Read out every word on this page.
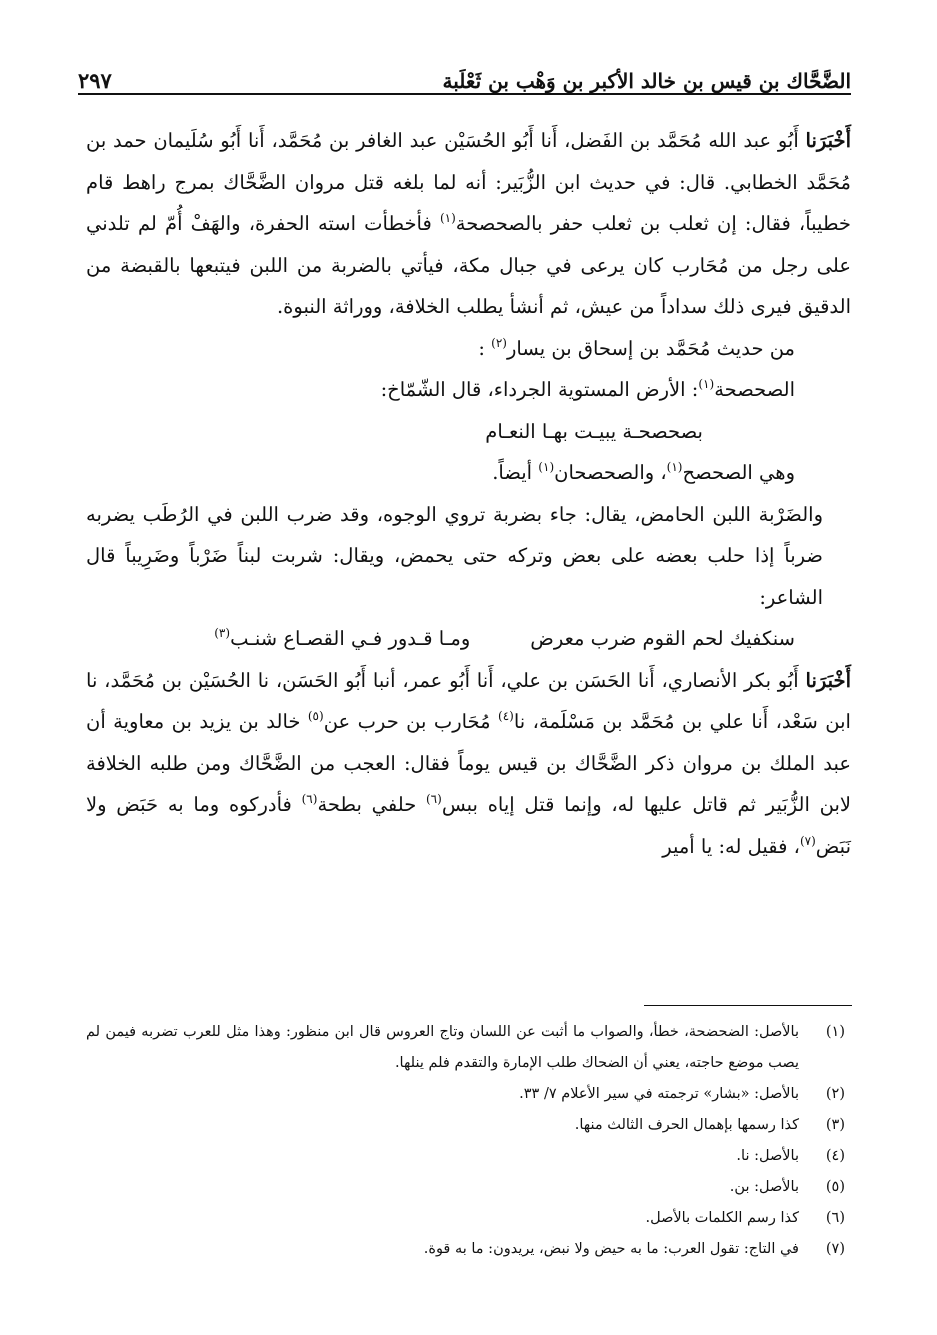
الضَّحَّاك بن قيس بن خالد الأكبر بن وَهْب بن ثَعْلَبة
٢٩٧

أَخْبَرَنا أَبُو عبد الله مُحَمَّد بن الفَضل، أَنا أَبُو الحُسَيْن عبد الغافر بن مُحَمَّد، أَنا أَبُو سُلَيمان حمد بن مُحَمَّد الخطابي. قال: في حديث ابن الزُّبَير: أنه لما بلغه قتل مروان الضَّحَّاك بمرج راهط قام خطيباً، فقال: إن ثعلب بن ثعلب حفر بالصحصحة$^{(١)}$ فأخطأت استه الحفرة، والهَفْ أُمّ لم تلدني على رجل من مُحَارب كان يرعى في جبال مكة، فيأتي بالضربة من اللبن فيتبعها بالقبضة من الدقيق فيرى ذلك سداداً من عيش، ثم أنشأ يطلب الخلافة، ووراثة النبوة.

من حديث مُحَمَّد بن إسحاق بن يسار$^{(٢)}$ :

الصحصحة$^{(١)}$: الأرض المستوية الجرداء، قال الشّمّاخ:

بصحصحـة يبيـت بهـا النعـام

وهي الصحصح$^{(١)}$، والصحصحان$^{(١)}$ أيضاً.

والضَرْبة اللبن الحامض، يقال: جاء بضربة تروي الوجوه، وقد ضرب اللبن في الرُطَب يضربه ضرباً إذا حلب بعضه على بعض وتركه حتى يحمض، ويقال: شربت لبناً ضَرْباً وضَرِيباً قال الشاعر:

سنكفيك لحم القوم ضرب معرض
ومـا قـدور فـي القصـاع شنـب$^{(٣)}$

أَخْبَرَنا أَبُو بكر الأنصاري، أَنا الحَسَن بن علي، أَنا أَبُو عمر، أنبا أَبُو الحَسَن، نا الحُسَيْن بن مُحَمَّد، نا ابن سَعْد، أَنا علي بن مُحَمَّد بن مَسْلَمة، نا$^{(٤)}$ مُحَارب بن حرب عن$^{(٥)}$ خالد بن يزيد بن معاوية أن عبد الملك بن مروان ذكر الضَّحَّاك بن قيس يوماً فقال: العجب من الضَّحَّاك ومن طلبه الخلافة لابن الزُّبَير ثم قاتل عليها له، وإنما قتل إياه ببس$^{(٦)}$ حلفي بطحة$^{(٦)}$ فأدركوه وما به حَبَض ولا نَبَض$^{(٧)}$، فقيل له: يا أمير

(١)
بالأصل: الضحضحة، خطأ، والصواب ما أثبت عن اللسان وتاج العروس قال ابن منظور: وهذا مثل للعرب تضربه فيمن لم يصب موضع حاجته، يعني أن الضحاك طلب الإمارة والتقدم فلم ينلها.
(٢)
بالأصل: «بشار» ترجمته في سير الأعلام ٧/ ٣٣.
(٣)
كذا رسمها بإهمال الحرف الثالث منها.
(٤)
بالأصل: نا.
(٥)
بالأصل: بن.
(٦)
كذا رسم الكلمات بالأصل.
(٧)
في التاج: تقول العرب: ما به حيض ولا نبض، يريدون: ما به قوة.
